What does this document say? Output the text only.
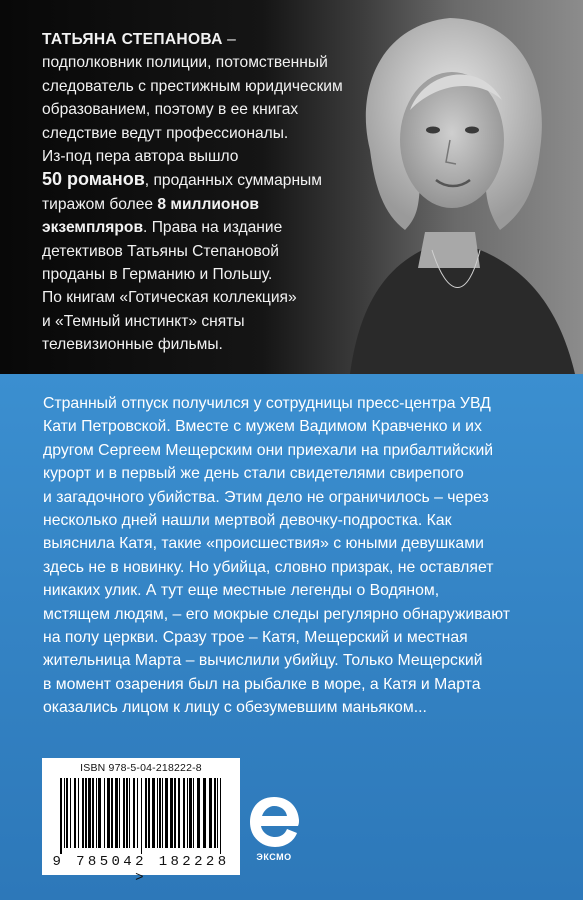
ТАТЬЯНА СТЕПАНОВА –

подполковник полиции, потомственный

следователь с престижным юридическим

образованием, поэтому в ее книгах

следствие ведут профессионалы.

Из-под пера автора вышло

50 романов, проданных суммарным

тиражом более 8 миллионов

экземпляров. Права на издание

детективов Татьяны Степановой

проданы в Германию и Польшу.

По книгам «Готическая коллекция»

и «Темный инстинкт» сняты

телевизионные фильмы.

Странный отпуск получился у сотрудницы пресс-центра УВД

Кати Петровской. Вместе с мужем Вадимом Кравченко и их

другом Сергеем Мещерским они приехали на прибалтийский

курорт и в первый же день стали свидетелями свирепого

и загадочного убийства. Этим дело не ограничилось – через

несколько дней нашли мертвой девочку-подростка. Как

выяснила Катя, такие «происшествия» с юными девушками

здесь не в новинку. Но убийца, словно призрак, не оставляет

никаких улик. А тут еще местные легенды о Водяном,

мстящем людям, – его мокрые следы регулярно обнаруживают

на полу церкви. Сразу трое – Катя, Мещерский и местная

жительница Марта – вычислили убийцу. Только Мещерский

в момент озарения был на рыбалке в море, а Катя и Марта

оказались лицом к лицу с обезумевшим маньяком...

ISBN 978-5-04-218222-8
9 785042 182228 >
ЭКСМО
